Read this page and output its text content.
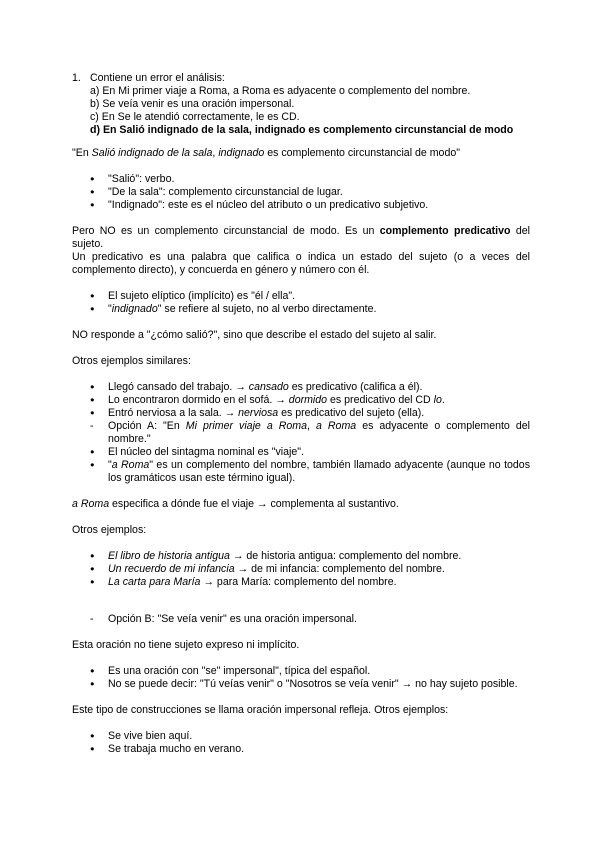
1. Contiene un error el análisis:
a) En Mi primer viaje a Roma, a Roma es adyacente o complemento del nombre.
b) Se veía venir es una oración impersonal.
c) En Se le atendió correctamente, le es CD.
d) En Salió indignado de la sala, indignado es complemento circunstancial de modo

"En Salió indignado de la sala, indignado es complemento circunstancial de modo"

●
"Salió": verbo.
●
"De la sala": complemento circunstancial de lugar.
●
"Indignado": este es el núcleo del atributo o un predicativo subjetivo.

Pero NO es un complemento circunstancial de modo. Es un complemento predicativo del sujeto.

Un predicativo es una palabra que califica o indica un estado del sujeto (o a veces del complemento directo), y concuerda en género y número con él.

●
El sujeto elíptico (implícito) es "él / ella".
●
"indignado" se refiere al sujeto, no al verbo directamente.

NO responde a "¿cómo salió?", sino que describe el estado del sujeto al salir.

Otros ejemplos similares:

●
Llegó cansado del trabajo. → cansado es predicativo (califica a él).
●
Lo encontraron dormido en el sofá. → dormido es predicativo del CD lo.
●
Entró nerviosa a la sala. → nerviosa es predicativo del sujeto (ella).
-
Opción A: "En Mi primer viaje a Roma, a Roma es adyacente o complemento del nombre."
●
El núcleo del sintagma nominal es "viaje".
●
"a Roma" es un complemento del nombre, también llamado adyacente (aunque no todos los gramáticos usan este término igual).

a Roma especifica a dónde fue el viaje → complementa al sustantivo.

Otros ejemplos:

●
El libro de historia antigua → de historia antigua: complemento del nombre.
●
Un recuerdo de mi infancia → de mi infancia: complemento del nombre.
●
La carta para María → para María: complemento del nombre.
-
Opción B: "Se veía venir" es una oración impersonal.

Esta oración no tiene sujeto expreso ni implícito.

●
Es una oración con "se" impersonal", típica del español.
●
No se puede decir: "Tú veías venir" o "Nosotros se veía venir" → no hay sujeto posible.

Este tipo de construcciones se llama oración impersonal refleja. Otros ejemplos:

●
Se vive bien aquí.
●
Se trabaja mucho en verano.
